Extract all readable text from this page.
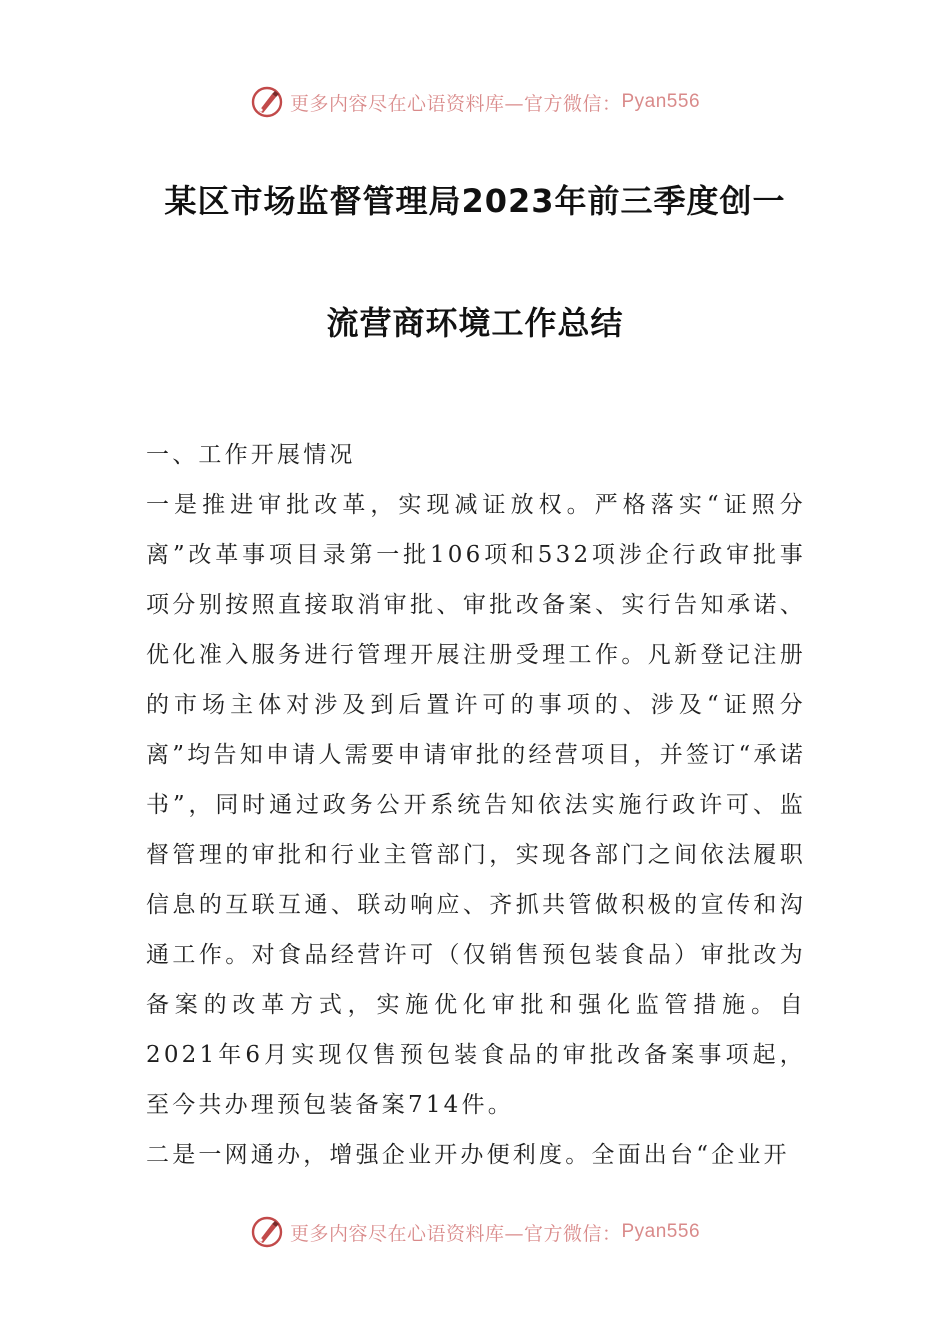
更多内容尽在心语资料库—官方微信： Pyan556
某区市场监督管理局2023年前三季度创一
流营商环境工作总结

一、工作开展情况

一是推进审批改革，实现减证放权。严格落实“证照分离”改革事项目录第一批106项和532项涉企行政审批事项分别按照直接取消审批、审批改备案、实行告知承诺、优化准入服务进行管理开展注册受理工作。凡新登记注册的市场主体对涉及到后置许可的事项的、涉及“证照分离”均告知申请人需要申请审批的经营项目，并签订“承诺书”，同时通过政务公开系统告知依法实施行政许可、监督管理的审批和行业主管部门，实现各部门之间依法履职信息的互联互通、联动响应、齐抓共管做积极的宣传和沟通工作。对食品经营许可（仅销售预包装食品）审批改为备案的改革方式，实施优化审批和强化监管措施。自2021年6月实现仅售预包装食品的审批改备案事项起，至今共办理预包装备案714件。

二是一网通办，增强企业开办便利度。全面出台“企业开

更多内容尽在心语资料库—官方微信： Pyan556
